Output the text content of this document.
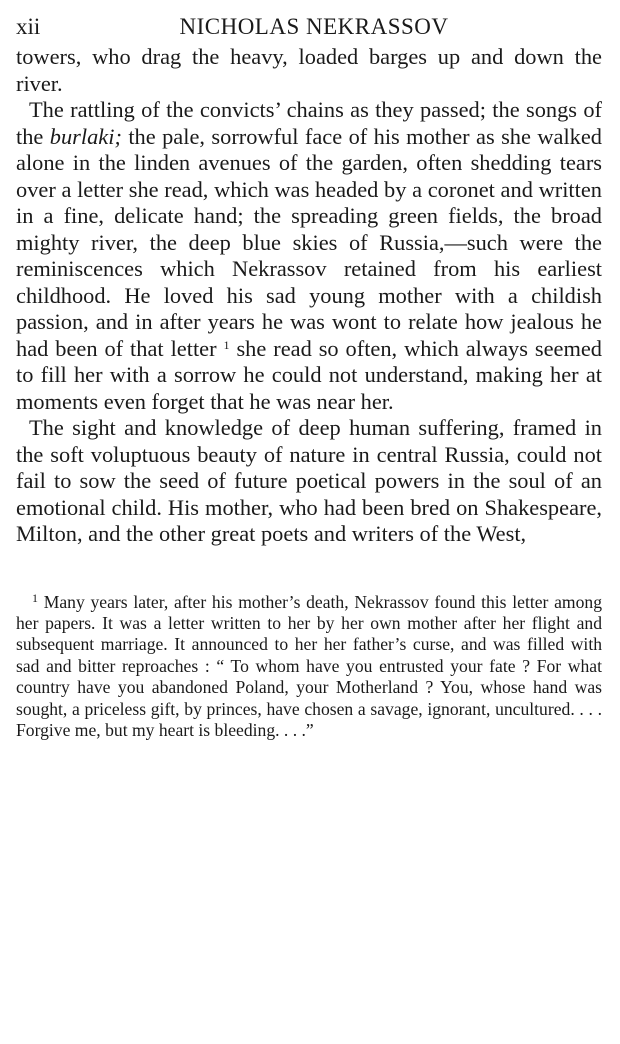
xii	NICHOLAS NEKRASSOV

towers, who drag the heavy, loaded barges up and down the river.

The rattling of the convicts’ chains as they passed; the songs of the burlaki; the pale, sorrowful face of his mother as she walked alone in the linden avenues of the garden, often shedding tears over a letter she read, which was headed by a coronet and written in a fine, delicate hand; the spreading green fields, the broad mighty river, the deep blue skies of Russia,—such were the reminiscences which Nekrassov retained from his earliest childhood. He loved his sad young mother with a childish passion, and in after years he was wont to relate how jealous he had been of that letter $^1$ she read so often, which always seemed to fill her with a sorrow he could not understand, making her at moments even forget that he was near her.

The sight and knowledge of deep human suffering, framed in the soft voluptuous beauty of nature in central Russia, could not fail to sow the seed of future poetical powers in the soul of an emotional child. His mother, who had been bred on Shakespeare, Milton, and the other great poets and writers of the West,

$^1$ Many years later, after his mother’s death, Nekrassov found this letter among her papers. It was a letter written to her by her own mother after her flight and subsequent marriage. It announced to her her father’s curse, and was filled with sad and bitter reproaches : “ To whom have you entrusted your fate ? For what country have you abandoned Poland, your Motherland ? You, whose hand was sought, a priceless gift, by princes, have chosen a savage, ignorant, uncultured. . . . Forgive me, but my heart is bleeding. . . .”
